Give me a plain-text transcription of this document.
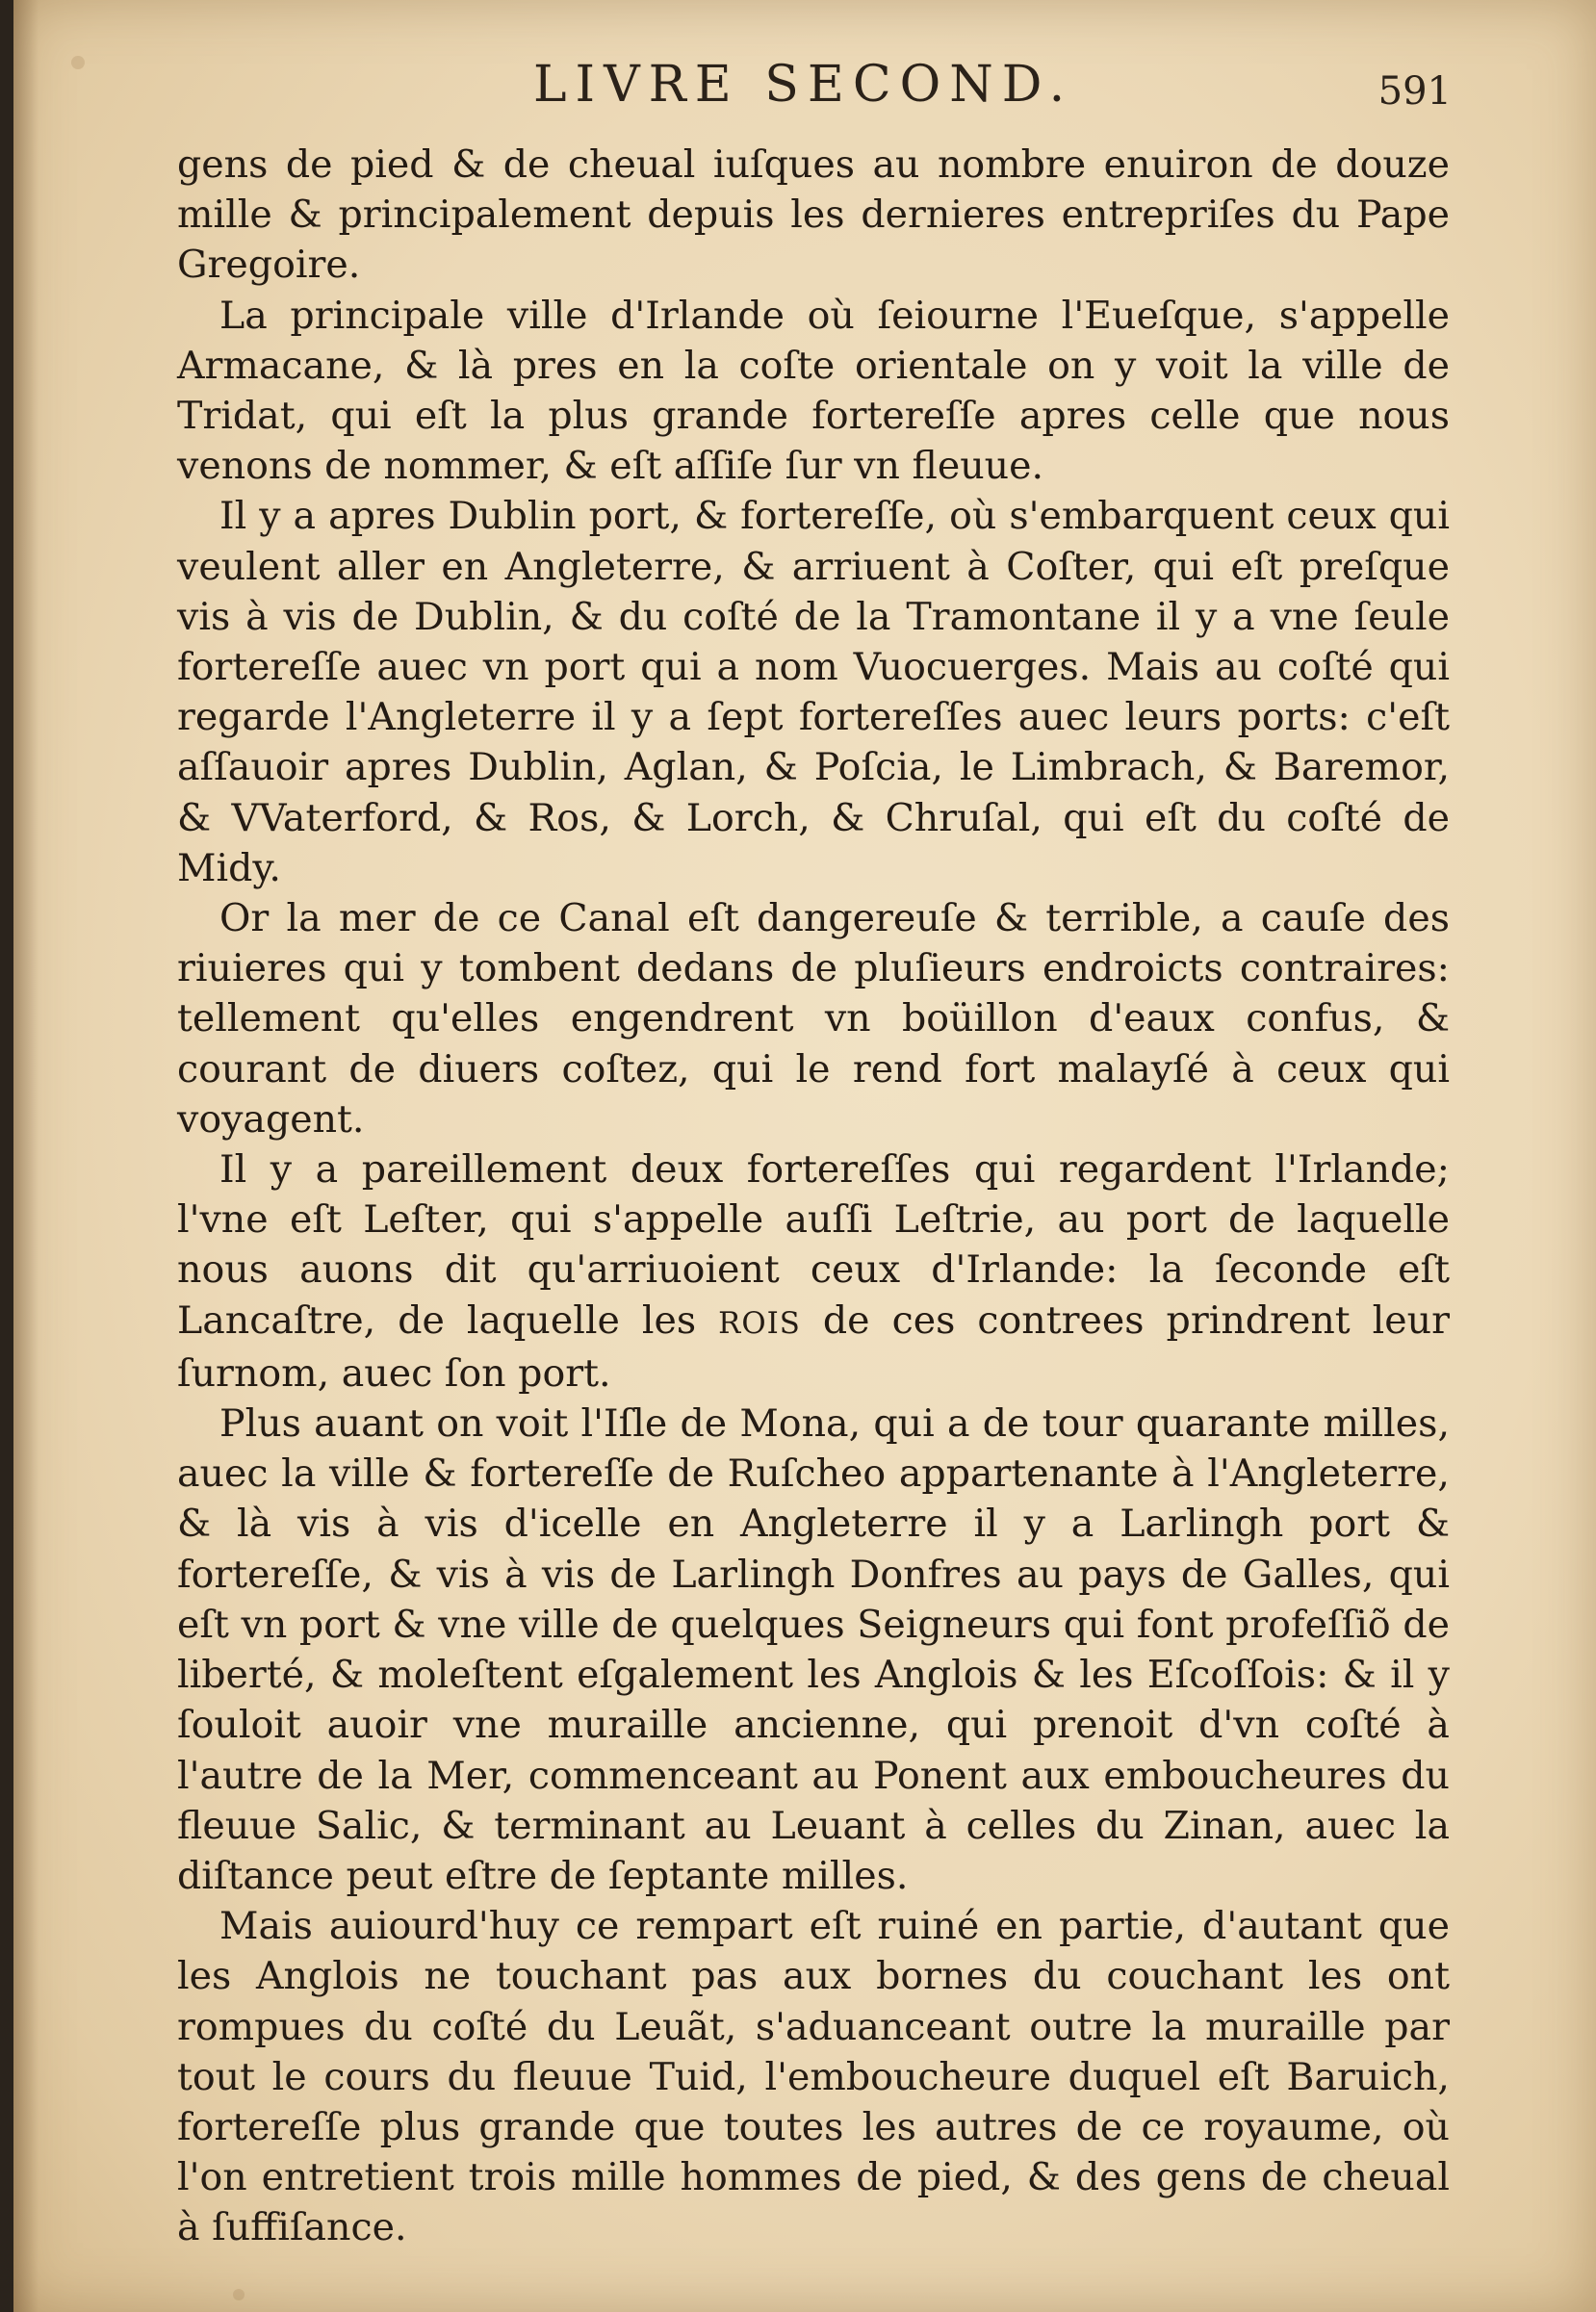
LIVRE SECOND.	591

gens de pied & de cheual iuſques au nombre enuiron de douze mille & principalement depuis les dernieres entrepriſes du Pape Gregoire.

La principale ville d'Irlande où ſeiourne l'Eueſque, s'appelle Armacane, & là pres en la coſte orientale on y voit la ville de Tridat, qui eſt la plus grande fortereſſe apres celle que nous venons de nommer, & eſt aſſiſe ſur vn fleuue.

Il y a apres Dublin port, & fortereſſe, où s'embarquent ceux qui veulent aller en Angleterre, & arriuent à Coſter, qui eſt preſque vis à vis de Dublin, & du coſté de la Tramontane il y a vne ſeule fortereſſe auec vn port qui a nom Vuocuerges. Mais au coſté qui regarde l'Angleterre il y a ſept fortereſſes auec leurs ports: c'eſt aſſauoir apres Dublin, Aglan, & Poſcia, le Limbrach, & Baremor, & VVaterford, & Ros, & Lorch, & Chruſal, qui eſt du coſté de Midy.

Or la mer de ce Canal eſt dangereuſe & terrible, a cauſe des riuieres qui y tombent dedans de pluſieurs endroicts contraires: tellement qu'elles engendrent vn boüillon d'eaux confus, & courant de diuers coſtez, qui le rend fort malayſé à ceux qui voyagent.

Il y a pareillement deux fortereſſes qui regardent l'Irlande; l'vne eſt Leſter, qui s'appelle auſſi Leſtrie, au port de laquelle nous auons dit qu'arriuoient ceux d'Irlande: la ſeconde eſt Lancaſtre, de laquelle les ROIS de ces contrees prindrent leur ſurnom, auec ſon port.

Plus auant on voit l'Iſle de Mona, qui a de tour quarante milles, auec la ville & fortereſſe de Ruſcheo appartenante à l'Angleterre, & là vis à vis d'icelle en Angleterre il y a Larlingh port & fortereſſe, & vis à vis de Larlingh Donfres au pays de Galles, qui eſt vn port & vne ville de quelques Seigneurs qui font profeſſiõ de liberté, & moleſtent eſgalement les Anglois & les Eſcoſſois: & il y ſouloit auoir vne muraille ancienne, qui prenoit d'vn coſté à l'autre de la Mer, commenceant au Ponent aux emboucheures du fleuue Salic, & terminant au Leuant à celles du Zinan, auec la diſtance peut eſtre de ſeptante milles.

Mais auiourd'huy ce rempart eſt ruiné en partie, d'autant que les Anglois ne touchant pas aux bornes du couchant les ont rompues du coſté du Leuãt, s'aduanceant outre la muraille par tout le cours du fleuue Tuid, l'emboucheure duquel eſt Baruich, fortereſſe plus grande que toutes les autres de ce royaume, où l'on entretient trois mille hommes de pied, & des gens de cheual à ſuffiſance.
